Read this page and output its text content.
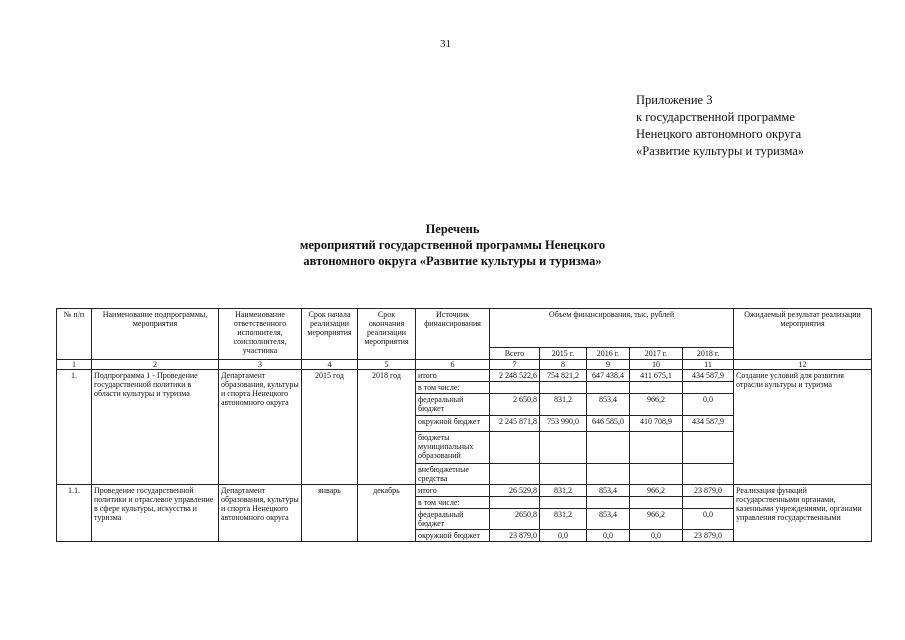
31
Приложение 3
к государственной программе
Ненецкого автономного округа
«Развитие культуры и туризма»
Перечень
мероприятий государственной программы Ненецкого
автономного округа «Развитие культуры и туризма»
№ п/п	Наименование подпрограммы, мероприятия	Наименование ответственного исполнителя, соисполнителя, участника	Срок начала реализации мероприятия	Срок окончания реализации мероприятия	Источник финансирования	Объем финансирования, тыс. рублей					Ожидаемый результат реализации мероприятия
						Всего	2015 г.	2016 г.	2017 г.	2018 г.	
1	2	3	4	5	6	7	8	9	10	11	12
1.	Подпрограмма 1 - Проведение государственной политики в области культуры и туризма	Департамент образования, культуры и спорта Ненецкого автономного округа	2015 год	2018 год	итого	2 248 522,6	754 821,2	647 438,4	411 675,1	434 587,9	Создание условий для развития отрасли культуры и туризма
					в том числе:						
					федеральный бюджет	2 650,8	831,2	853,4	966,2	0,0	
					окружной бюджет	2 245 871,8	753 990,0	646 585,0	410 708,9	434 587,9	
					бюджеты муниципальных образований						
					внебюджетные средства						
1.1.	Проведение государственной политики и отраслевое управление в сфере культуры, искусства и туризма	Департамент образования, культуры и спорта Ненецкого автономного округа	январь	декабрь	итого	26 529,8	831,2	853,4	966,2	23 879,0	Реализация функций государственными органами, казенными учреждениями, органами управления государственными
					в том числе:						
					федеральный бюджет	2650,8	831,2	853,4	966,2	0,0	
					окружной бюджет	23 879,0	0,0	0,0	0,0	23 879,0	
